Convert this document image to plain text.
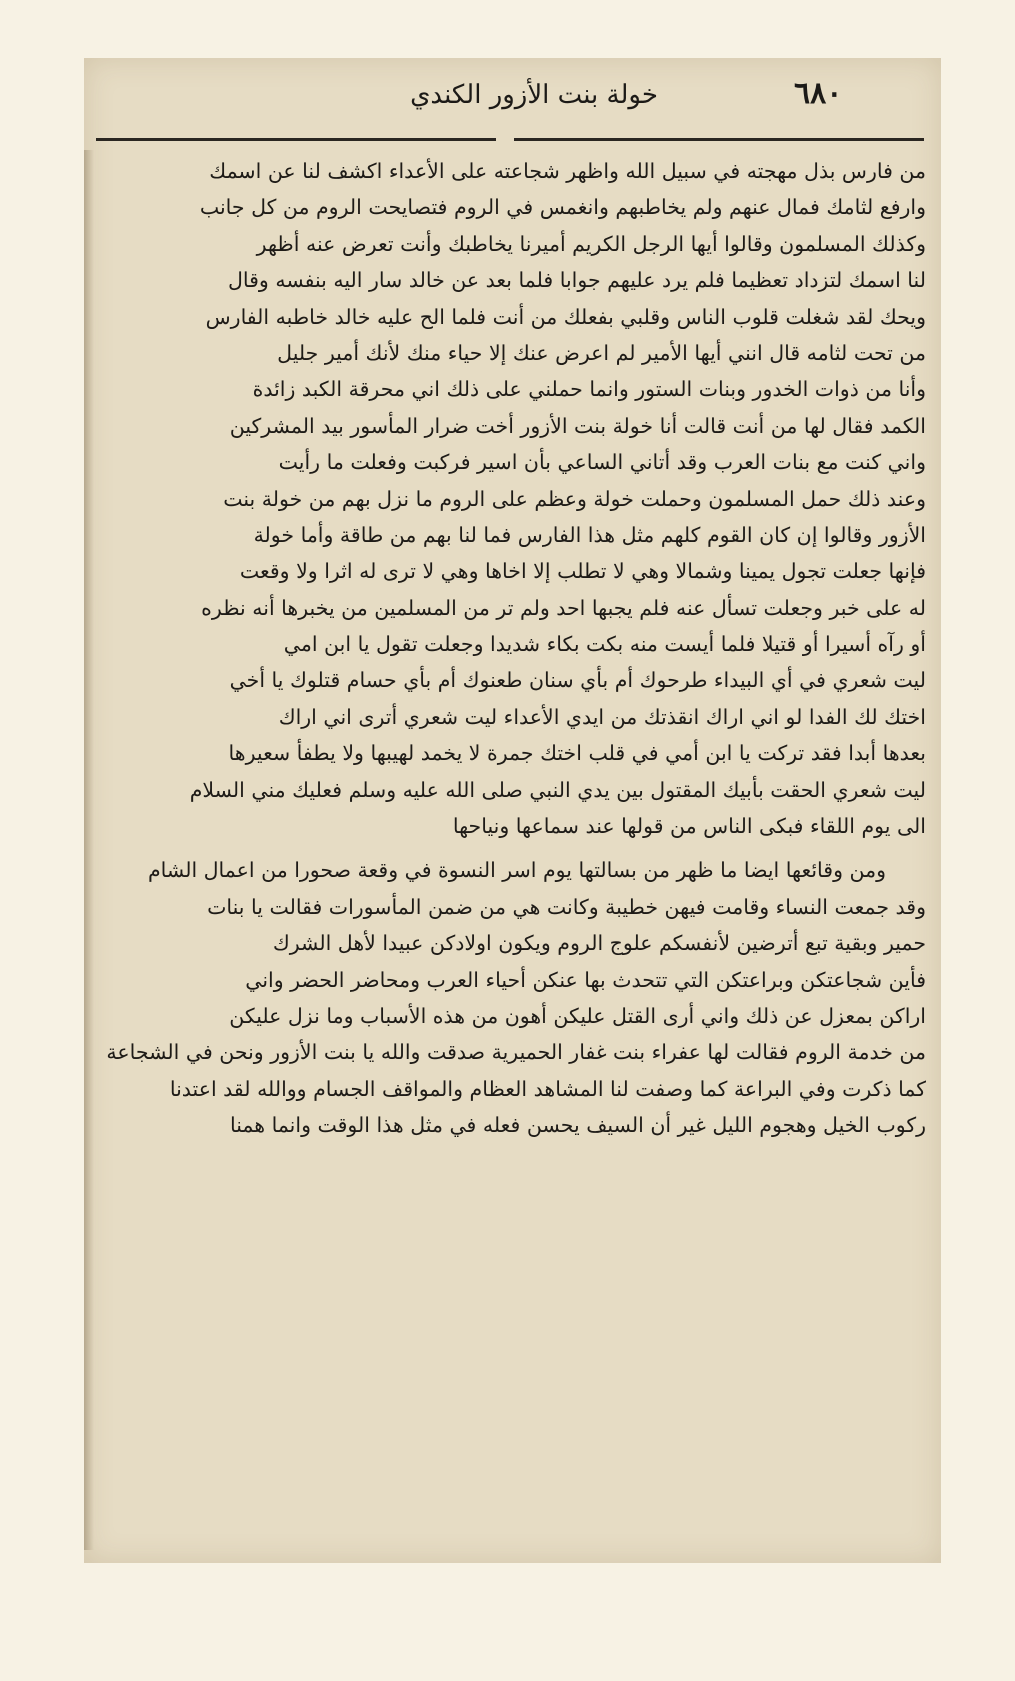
٦٨٠
خولة بنت الأزور الكندي
من فارس بذل مهجته في سبيل الله واظهر شجاعته على الأعداء اكشف لنا عن اسمك
وارفع لثامك فمال عنهم ولم يخاطبهم وانغمس في الروم فتصايحت الروم من كل جانب
وكذلك المسلمون وقالوا أيها الرجل الكريم أميرنا يخاطبك وأنت تعرض عنه أظهر
لنا اسمك لتزداد تعظيما فلم يرد عليهم جوابا فلما بعد عن خالد سار اليه بنفسه وقال
ويحك لقد شغلت قلوب الناس وقلبي بفعلك من أنت فلما الح عليه خالد خاطبه الفارس
من تحت لثامه قال انني أيها الأمير لم اعرض عنك إلا حياء منك لأنك أمير جليل
وأنا من ذوات الخدور وبنات الستور وانما حملني على ذلك اني محرقة الكبد زائدة
الكمد فقال لها من أنت قالت أنا خولة بنت الأزور أخت ضرار المأسور بيد المشركين
واني كنت مع بنات العرب وقد أتاني الساعي بأن اسير فركبت وفعلت ما رأيت
وعند ذلك حمل المسلمون وحملت خولة وعظم على الروم ما نزل بهم من خولة بنت
الأزور وقالوا إن كان القوم كلهم مثل هذا الفارس فما لنا بهم من طاقة وأما خولة
فإنها جعلت تجول يمينا وشمالا وهي لا تطلب إلا اخاها وهي لا ترى له اثرا ولا وقعت
له على خبر وجعلت تسأل عنه فلم يجبها احد ولم تر من المسلمين من يخبرها أنه نظره
أو رآه أسيرا أو قتيلا فلما أيست منه بكت بكاء شديدا وجعلت تقول يا ابن امي
ليت شعري في أي البيداء طرحوك أم بأي سنان طعنوك أم بأي حسام قتلوك يا أخي
اختك لك الفدا لو اني اراك انقذتك من ايدي الأعداء ليت شعري أترى اني اراك
بعدها أبدا فقد تركت يا ابن أمي في قلب اختك جمرة لا يخمد لهيبها ولا يطفأ سعيرها
ليت شعري الحقت بأبيك المقتول بين يدي النبي صلى الله عليه وسلم فعليك مني السلام
الى يوم اللقاء فبكى الناس من قولها عند سماعها ونياحها
ومن وقائعها ايضا ما ظهر من بسالتها يوم اسر النسوة في وقعة صحورا من اعمال الشام
وقد جمعت النساء وقامت فيهن خطيبة وكانت هي من ضمن المأسورات فقالت يا بنات
حمير وبقية تبع أترضين لأنفسكم علوج الروم ويكون اولادكن عبيدا لأهل الشرك
فأين شجاعتكن وبراعتكن التي تتحدث بها عنكن أحياء العرب ومحاضر الحضر واني
اراكن بمعزل عن ذلك واني أرى القتل عليكن أهون من هذه الأسباب وما نزل عليكن
من خدمة الروم فقالت لها عفراء بنت غفار الحميرية صدقت والله يا بنت الأزور ونحن في الشجاعة
كما ذكرت وفي البراعة كما وصفت لنا المشاهد العظام والمواقف الجسام ووالله لقد اعتدنا
ركوب الخيل وهجوم الليل غير أن السيف يحسن فعله في مثل هذا الوقت وانما همنا
